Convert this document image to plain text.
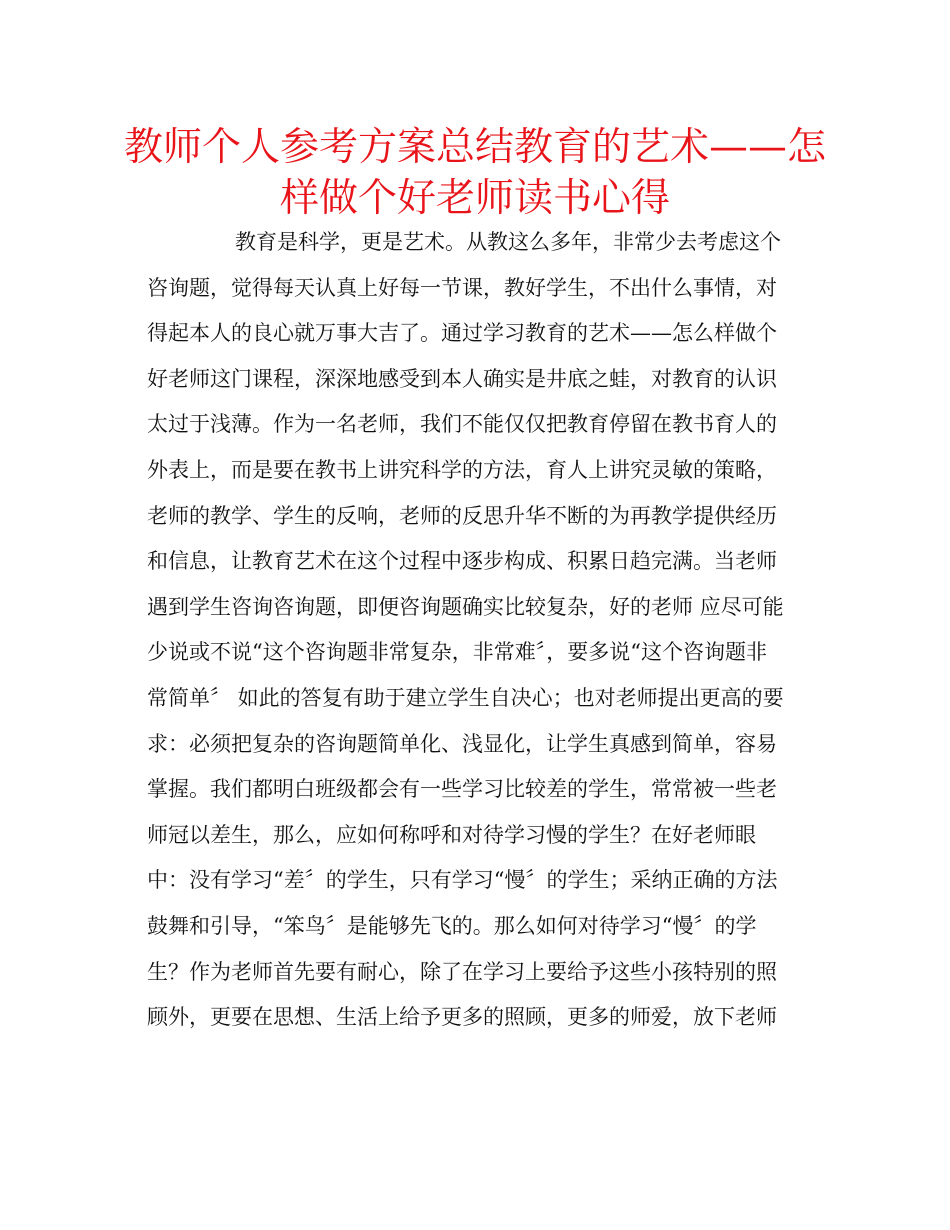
教师个人参考方案总结教育的艺术——怎
样做个好老师读书心得
教育是科学，更是艺术。从教这么多年，非常少去考虑这个
咨询题，觉得每天认真上好每一节课，教好学生，不出什么事情，对
得起本人的良心就万事大吉了。通过学习教育的艺术——怎么样做个
好老师这门课程，深深地感受到本人确实是井底之蛙，对教育的认识
太过于浅薄。作为一名老师，我们不能仅仅把教育停留在教书育人的
外表上，而是要在教书上讲究科学的方法，育人上讲究灵敏的策略，
老师的教学、学生的反响，老师的反思升华不断的为再教学提供经历
和信息，让教育艺术在这个过程中逐步构成、积累日趋完满。当老师
遇到学生咨询咨询题，即便咨询题确实比较复杂，好的老师 应尽可能
少说或不说“这个咨询题非常复杂，非常难〞，要多说“这个咨询题非
常简单〞 如此的答复有助于建立学生自决心；也对老师提出更高的要
求：必须把复杂的咨询题简单化、浅显化，让学生真感到简单，容易
掌握。我们都明白班级都会有一些学习比较差的学生，常常被一些老
师冠以差生，那么，应如何称呼和对待学习慢的学生？在好老师眼
中：没有学习“差〞的学生，只有学习“慢〞的学生；采纳正确的方法
鼓舞和引导，“笨鸟〞是能够先飞的。那么如何对待学习“慢〞的学
生？作为老师首先要有耐心，除了在学习上要给予这些小孩特别的照
顾外，更要在思想、生活上给予更多的照顾，更多的师爱，放下老师
